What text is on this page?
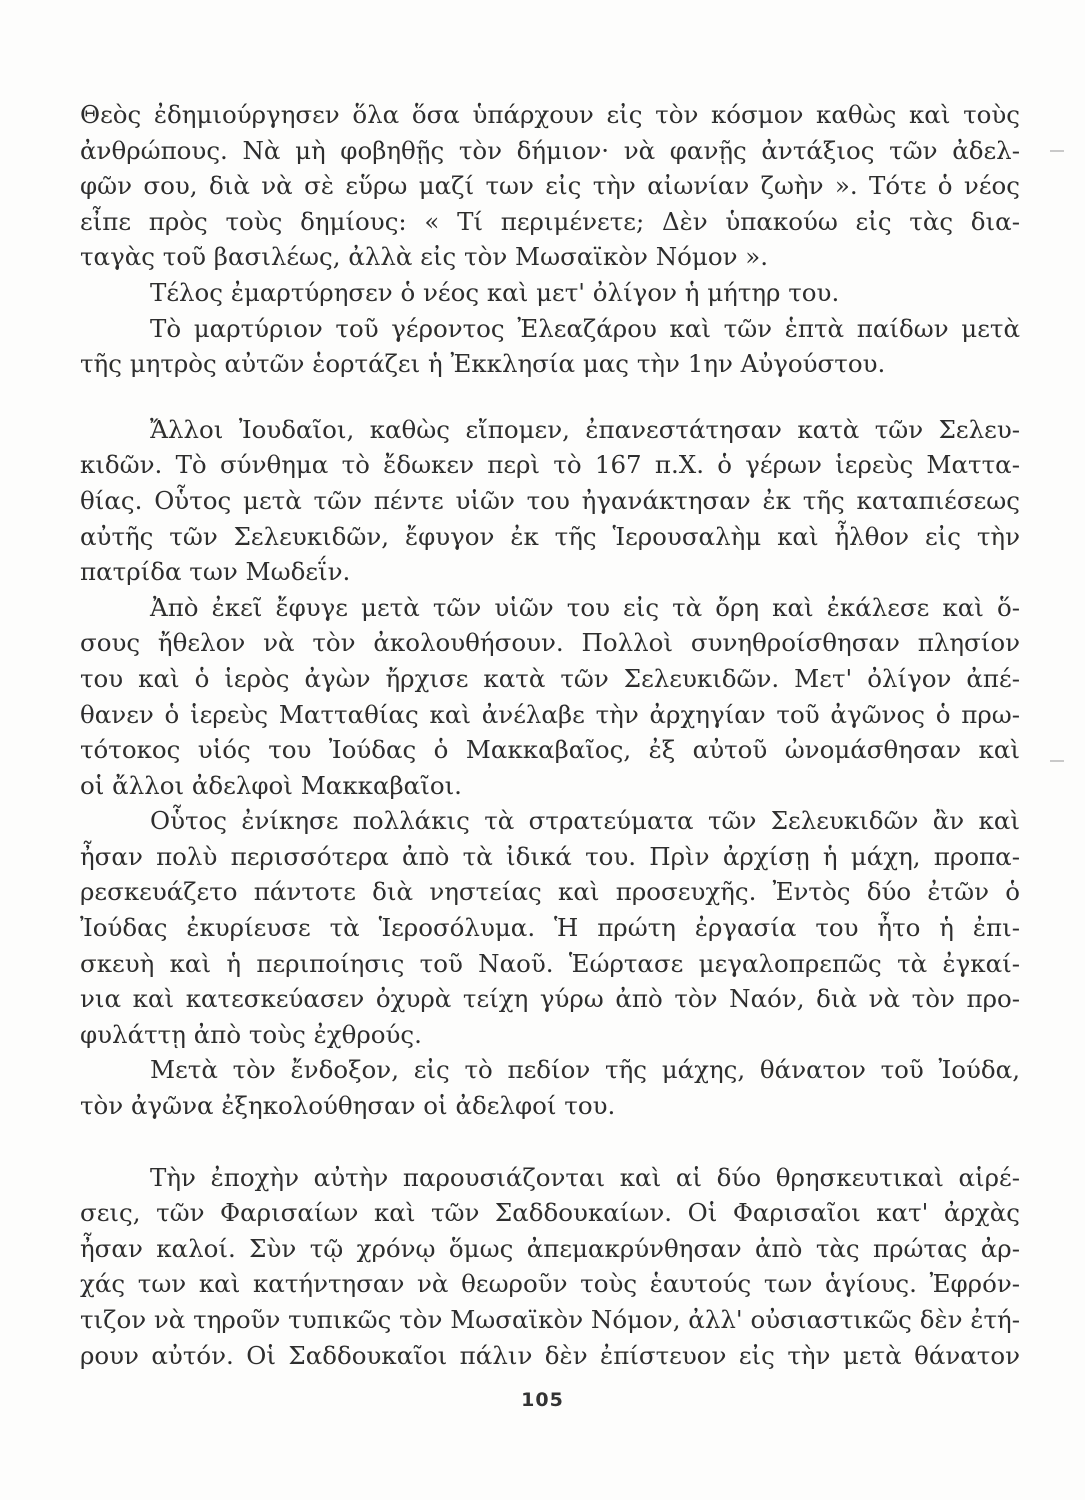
Θεὸς ἐδημιούργησεν ὅλα ὅσα ὑπάρχουν εἰς τὸν κόσμον καθὼς καὶ τοὺς
ἀνθρώπους. Νὰ μὴ φοβηθῇς τὸν δήμιον· νὰ φανῇς ἀντάξιος τῶν ἀδελ-
φῶν σου, διὰ νὰ σὲ εὕρω μαζί των εἰς τὴν αἰωνίαν ζωὴν ». Τότε ὁ νέος
εἶπε πρὸς τοὺς δημίους: « Τί περιμένετε; Δὲν ὑπακούω εἰς τὰς δια-
ταγὰς τοῦ βασιλέως, ἀλλὰ εἰς τὸν Μωσαϊκὸν Νόμον ».
Τέλος ἐμαρτύρησεν ὁ νέος καὶ μετ' ὀλίγον ἡ μήτηρ του.
Τὸ μαρτύριον τοῦ γέροντος Ἐλεαζάρου καὶ τῶν ἑπτὰ παίδων μετὰ
τῆς μητρὸς αὐτῶν ἑορτάζει ἡ Ἐκκλησία μας τὴν 1ην Αὐγούστου.
Ἄλλοι Ἰουδαῖοι, καθὼς εἴπομεν, ἐπανεστάτησαν κατὰ τῶν Σελευ-
κιδῶν. Τὸ σύνθημα τὸ ἔδωκεν περὶ τὸ 167 π.Χ. ὁ γέρων ἱερεὺς Ματτα-
θίας. Οὗτος μετὰ τῶν πέντε υἱῶν του ἠγανάκτησαν ἐκ τῆς καταπιέσεως
αὐτῆς τῶν Σελευκιδῶν, ἔφυγον ἐκ τῆς Ἱερουσαλὴμ καὶ ἦλθον εἰς τὴν
πατρίδα των Μωδεΐν.
Ἀπὸ ἐκεῖ ἔφυγε μετὰ τῶν υἱῶν του εἰς τὰ ὄρη καὶ ἐκάλεσε καὶ ὅ-
σους ἤθελον νὰ τὸν ἀκολουθήσουν. Πολλοὶ συνηθροίσθησαν πλησίον
του καὶ ὁ ἱερὸς ἀγὼν ἤρχισε κατὰ τῶν Σελευκιδῶν. Μετ' ὀλίγον ἀπέ-
θανεν ὁ ἱερεὺς Ματταθίας καὶ ἀνέλαβε τὴν ἀρχηγίαν τοῦ ἀγῶνος ὁ πρω-
τότοκος υἱός του Ἰούδας ὁ Μακκαβαῖος, ἐξ αὐτοῦ ὠνομάσθησαν καὶ
οἱ ἄλλοι ἀδελφοὶ Μακκαβαῖοι.
Οὗτος ἐνίκησε πολλάκις τὰ στρατεύματα τῶν Σελευκιδῶν ἂν καὶ
ἦσαν πολὺ περισσότερα ἀπὸ τὰ ἰδικά του. Πρὶν ἀρχίσῃ ἡ μάχη, προπα-
ρεσκευάζετο πάντοτε διὰ νηστείας καὶ προσευχῆς. Ἐντὸς δύο ἐτῶν ὁ
Ἰούδας ἐκυρίευσε τὰ Ἱεροσόλυμα. Ἡ πρώτη ἐργασία του ἦτο ἡ ἐπι-
σκευὴ καὶ ἡ περιποίησις τοῦ Ναοῦ. Ἑώρτασε μεγαλοπρεπῶς τὰ ἐγκαί-
νια καὶ κατεσκεύασεν ὀχυρὰ τείχη γύρω ἀπὸ τὸν Ναόν, διὰ νὰ τὸν προ-
φυλάττῃ ἀπὸ τοὺς ἐχθρούς.
Μετὰ τὸν ἔνδοξον, εἰς τὸ πεδίον τῆς μάχης, θάνατον τοῦ Ἰούδα,
τὸν ἀγῶνα ἐξηκολούθησαν οἱ ἀδελφοί του.
Τὴν ἐποχὴν αὐτὴν παρουσιάζονται καὶ αἱ δύο θρησκευτικαὶ αἱρέ-
σεις, τῶν Φαρισαίων καὶ τῶν Σαδδουκαίων. Οἱ Φαρισαῖοι κατ' ἀρχὰς
ἦσαν καλοί. Σὺν τῷ χρόνῳ ὅμως ἀπεμακρύνθησαν ἀπὸ τὰς πρώτας ἀρ-
χάς των καὶ κατήντησαν νὰ θεωροῦν τοὺς ἑαυτούς των ἁγίους. Ἐφρόν-
τιζον νὰ τηροῦν τυπικῶς τὸν Μωσαϊκὸν Νόμον, ἀλλ' οὐσιαστικῶς δὲν ἐτή-
ρουν αὐτόν. Οἱ Σαδδουκαῖοι πάλιν δὲν ἐπίστευον εἰς τὴν μετὰ θάνατον
105
